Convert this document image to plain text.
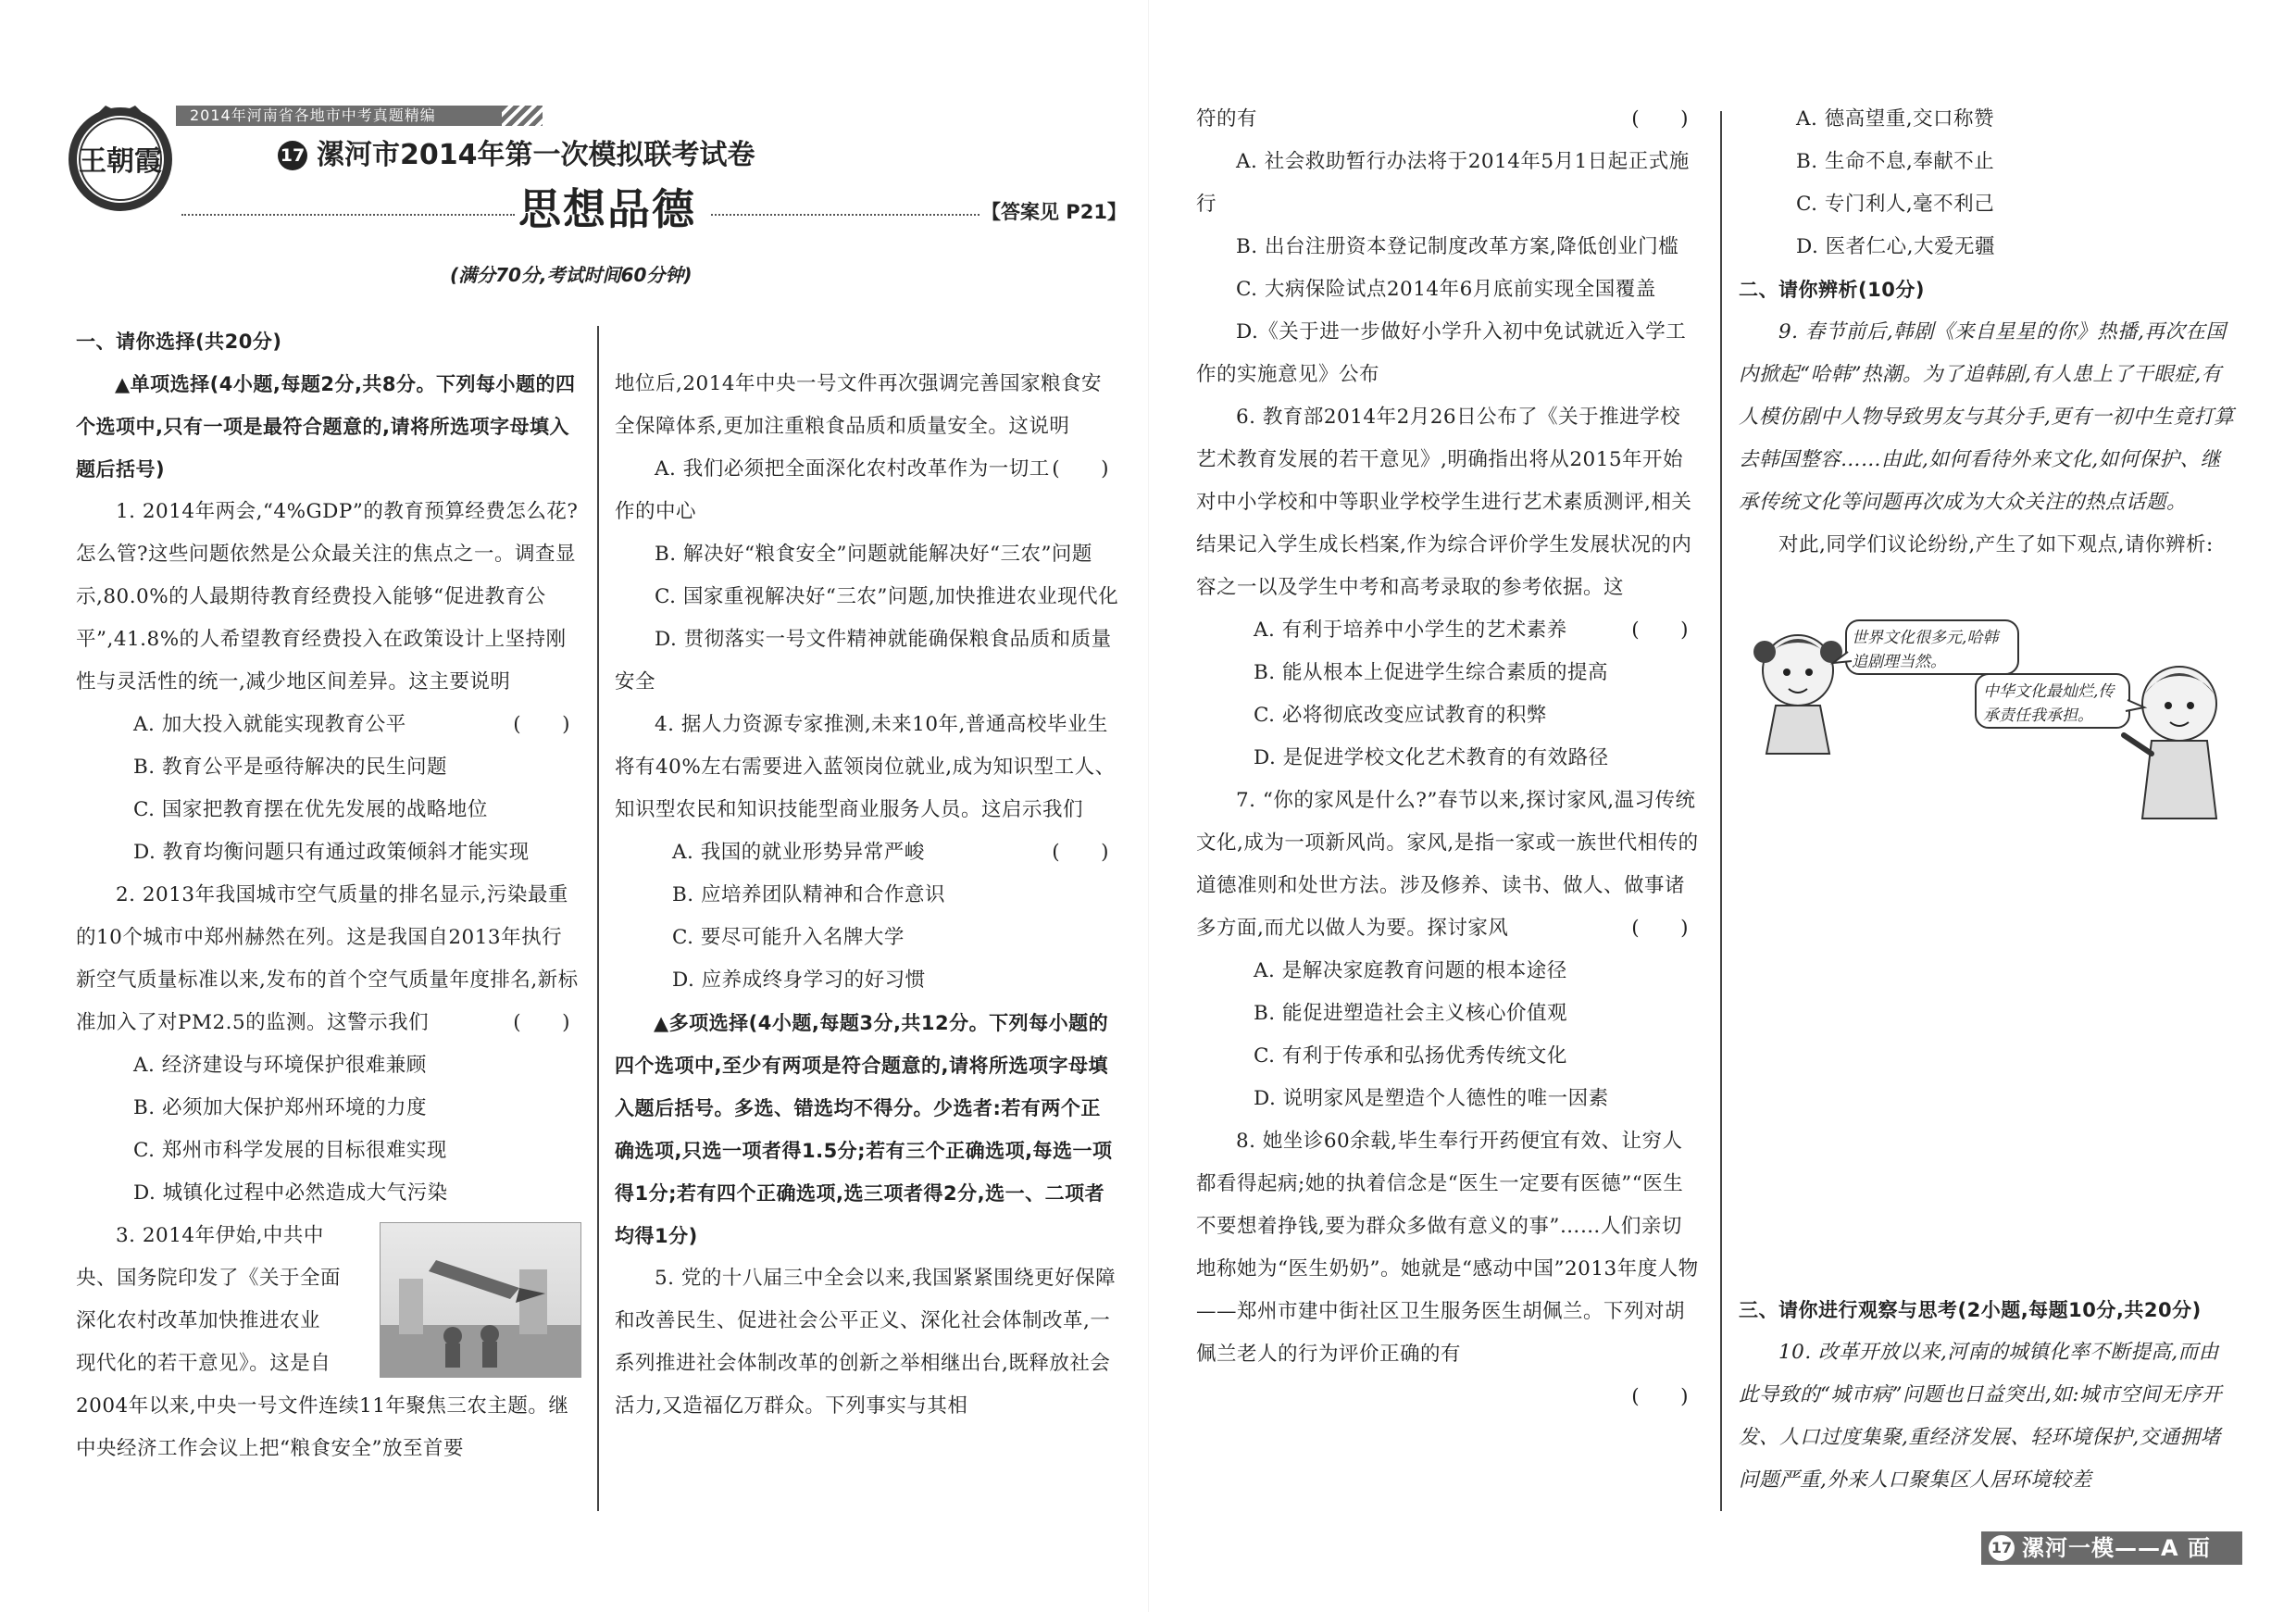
王朝霞
2014年河南省各地市中考真题精编
17 漯河市2014年第一次模拟联考试卷
思想品德	【答案见 P21】
(满分70分,考试时间60分钟)

一、请你选择(共20分)

▲单项选择(4小题,每题2分,共8分。下列每小题的四个选项中,只有一项是最符合题意的,请将所选项字母填入题后括号)

1. 2014年两会,“4%GDP”的教育预算经费怎么花?怎么管?这些问题依然是公众最关注的焦点之一。调查显示,80.0%的人最期待教育经费投入能够“促进教育公平”,41.8%的人希望教育经费投入在政策设计上坚持刚性与灵活性的统一,减少地区间差异。这主要说明
(　　)

A. 加大投入就能实现教育公平

B. 教育公平是亟待解决的民生问题

C. 国家把教育摆在优先发展的战略地位

D. 教育均衡问题只有通过政策倾斜才能实现

2. 2013年我国城市空气质量的排名显示,污染最重的10个城市中郑州赫然在列。这是我国自2013年执行新空气质量标准以来,发布的首个空气质量年度排名,新标准加入了对PM2.5的监测。这警示我们	(　　)

A. 经济建设与环境保护很难兼顾

B. 必须加大保护郑州环境的力度

C. 郑州市科学发展的目标很难实现

D. 城镇化过程中必然造成大气污染

3. 2014年伊始,中共中

央、国务院印发了《关于全面

深化农村改革加快推进农业

现代化的若干意见》。这是自

2004年以来,中央一号文件连续11年聚焦三农主题。继中央经济工作会议上把“粮食安全”放至首要

地位后,2014年中央一号文件再次强调完善国家粮食安全保障体系,更加注重粮食品质和质量安全。这说明
(　　)

A. 我们必须把全面深化农村改革作为一切工作的中心

B. 解决好“粮食安全”问题就能解决好“三农”问题

C. 国家重视解决好“三农”问题,加快推进农业现代化

D. 贯彻落实一号文件精神就能确保粮食品质和质量安全

4. 据人力资源专家推测,未来10年,普通高校毕业生将有40%左右需要进入蓝领岗位就业,成为知识型工人、知识型农民和知识技能型商业服务人员。这启示我们
(　　)

A. 我国的就业形势异常严峻

B. 应培养团队精神和合作意识

C. 要尽可能升入名牌大学

D. 应养成终身学习的好习惯

▲多项选择(4小题,每题3分,共12分。下列每小题的四个选项中,至少有两项是符合题意的,请将所选项字母填入题后括号。多选、错选均不得分。少选者:若有两个正确选项,只选一项者得1.5分;若有三个正确选项,每选一项得1分;若有四个正确选项,选三项者得2分,选一、二项者均得1分)

5. 党的十八届三中全会以来,我国紧紧围绕更好保障和改善民生、促进社会公平正义、深化社会体制改革,一系列推进社会体制改革的创新之举相继出台,既释放社会活力,又造福亿万群众。下列事实与其相

符的有	(　　)

A. 社会救助暂行办法将于2014年5月1日起正式施行

B. 出台注册资本登记制度改革方案,降低创业门槛

C. 大病保险试点2014年6月底前实现全国覆盖

D.《关于进一步做好小学升入初中免试就近入学工作的实施意见》公布

6. 教育部2014年2月26日公布了《关于推进学校艺术教育发展的若干意见》,明确指出将从2015年开始对中小学校和中等职业学校学生进行艺术素质测评,相关结果记入学生成长档案,作为综合评价学生发展状况的内容之一以及学生中考和高考录取的参考依据。这
(　　)

A. 有利于培养中小学生的艺术素养

B. 能从根本上促进学生综合素质的提高

C. 必将彻底改变应试教育的积弊

D. 是促进学校文化艺术教育的有效路径

7. “你的家风是什么?”春节以来,探讨家风,温习传统文化,成为一项新风尚。家风,是指一家或一族世代相传的道德准则和处世方法。涉及修养、读书、做人、做事诸多方面,而尤以做人为要。探讨家风	(　　)

A. 是解决家庭教育问题的根本途径

B. 能促进塑造社会主义核心价值观

C. 有利于传承和弘扬优秀传统文化

D. 说明家风是塑造个人德性的唯一因素

8. 她坐诊60余载,毕生奉行开药便宜有效、让穷人都看得起病;她的执着信念是“医生一定要有医德”“医生不要想着挣钱,要为群众多做有意义的事”……人们亲切地称她为“医生奶奶”。她就是“感动中国”2013年度人物——郑州市建中街社区卫生服务医生胡佩兰。下列对胡佩兰老人的行为评价正确的有

(　　)

A. 德高望重,交口称赞

B. 生命不息,奉献不止

C. 专门利人,毫不利己

D. 医者仁心,大爱无疆

二、请你辨析(10分)

9. 春节前后,韩剧《来自星星的你》热播,再次在国内掀起“哈韩”热潮。为了追韩剧,有人患上了干眼症,有人模仿剧中人物导致男友与其分手,更有一初中生竟打算去韩国整容……由此,如何看待外来文化,如何保护、继承传统文化等问题再次成为大众关注的热点话题。

对此,同学们议论纷纷,产生了如下观点,请你辨析:

世界文化很多元,哈韩追剧理当然。
中华文化最灿烂,传承责任我承担。

三、请你进行观察与思考(2小题,每题10分,共20分)

10. 改革开放以来,河南的城镇化率不断提高,而由此导致的“城市病”问题也日益突出,如:城市空间无序开发、人口过度集聚,重经济发展、轻环境保护,交通拥堵问题严重,外来人口聚集区人居环境较差

17 漯河一模——A 面
